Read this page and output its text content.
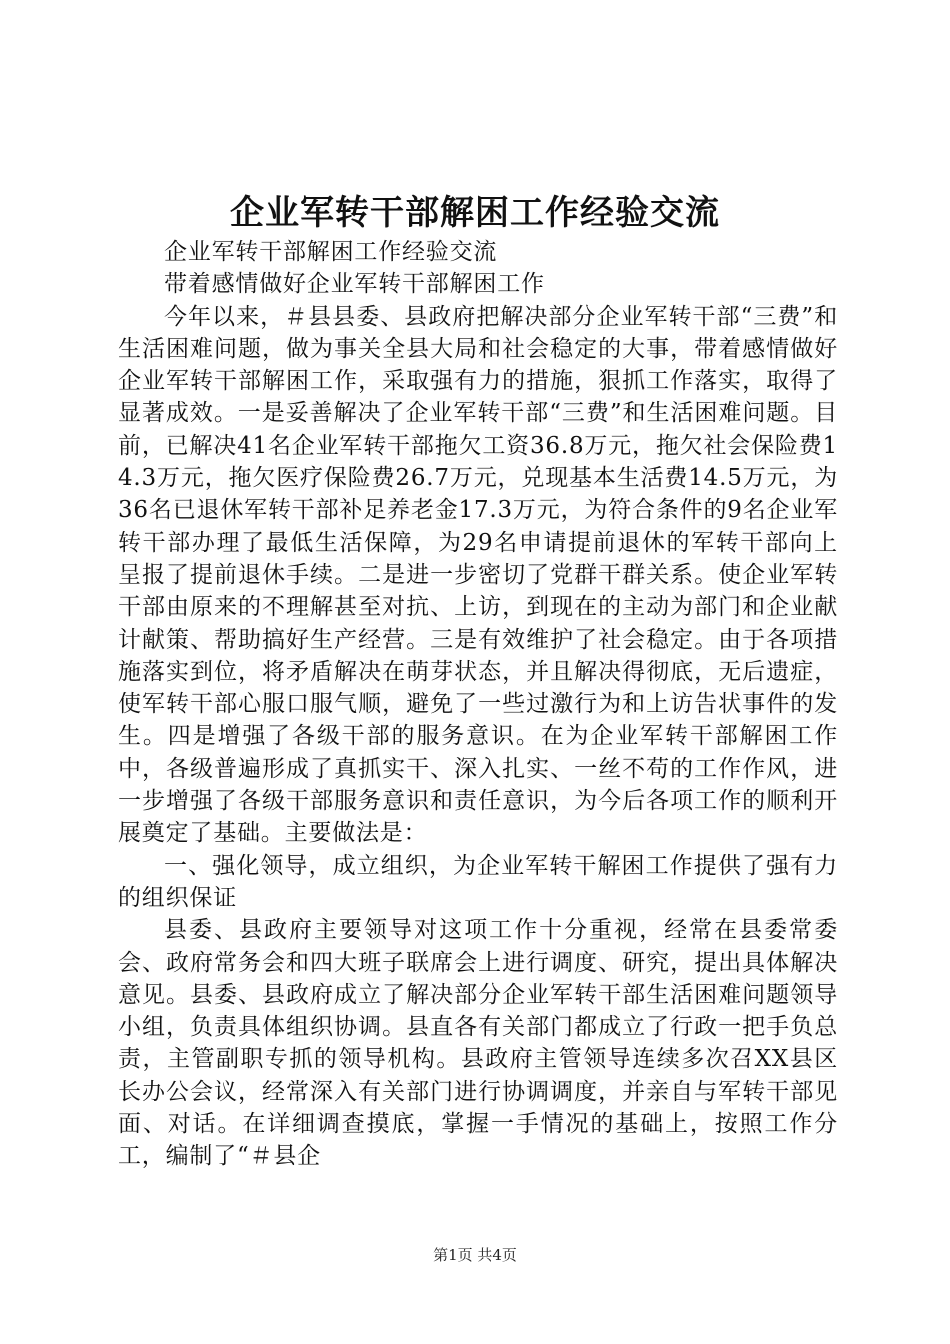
企业军转干部解困工作经验交流

企业军转干部解困工作经验交流

带着感情做好企业军转干部解困工作

今年以来，＃县县委、县政府把解决部分企业军转干部“三费”和生活困难问题，做为事关全县大局和社会稳定的大事，带着感情做好企业军转干部解困工作，采取强有力的措施，狠抓工作落实，取得了显著成效。一是妥善解决了企业军转干部“三费”和生活困难问题。目前，已解决41名企业军转干部拖欠工资36.8万元，拖欠社会保险费14.3万元，拖欠医疗保险费26.7万元，兑现基本生活费14.5万元，为36名已退休军转干部补足养老金17.3万元，为符合条件的9名企业军转干部办理了最低生活保障，为29名申请提前退休的军转干部向上呈报了提前退休手续。二是进一步密切了党群干群关系。使企业军转干部由原来的不理解甚至对抗、上访，到现在的主动为部门和企业献计献策、帮助搞好生产经营。三是有效维护了社会稳定。由于各项措施落实到位，将矛盾解决在萌芽状态，并且解决得彻底，无后遗症，使军转干部心服口服气顺，避免了一些过激行为和上访告状事件的发生。四是增强了各级干部的服务意识。在为企业军转干部解困工作中，各级普遍形成了真抓实干、深入扎实、一丝不苟的工作作风，进一步增强了各级干部服务意识和责任意识，为今后各项工作的顺利开展奠定了基础。主要做法是：

一、强化领导，成立组织，为企业军转干解困工作提供了强有力的组织保证

县委、县政府主要领导对这项工作十分重视，经常在县委常委会、政府常务会和四大班子联席会上进行调度、研究，提出具体解决意见。县委、县政府成立了解决部分企业军转干部生活困难问题领导小组，负责具体组织协调。县直各有关部门都成立了行政一把手负总责，主管副职专抓的领导机构。县政府主管领导连续多次召XX县区长办公会议，经常深入有关部门进行协调调度，并亲自与军转干部见面、对话。在详细调查摸底，掌握一手情况的基础上，按照工作分工，编制了“＃县企

第1页 共4页
